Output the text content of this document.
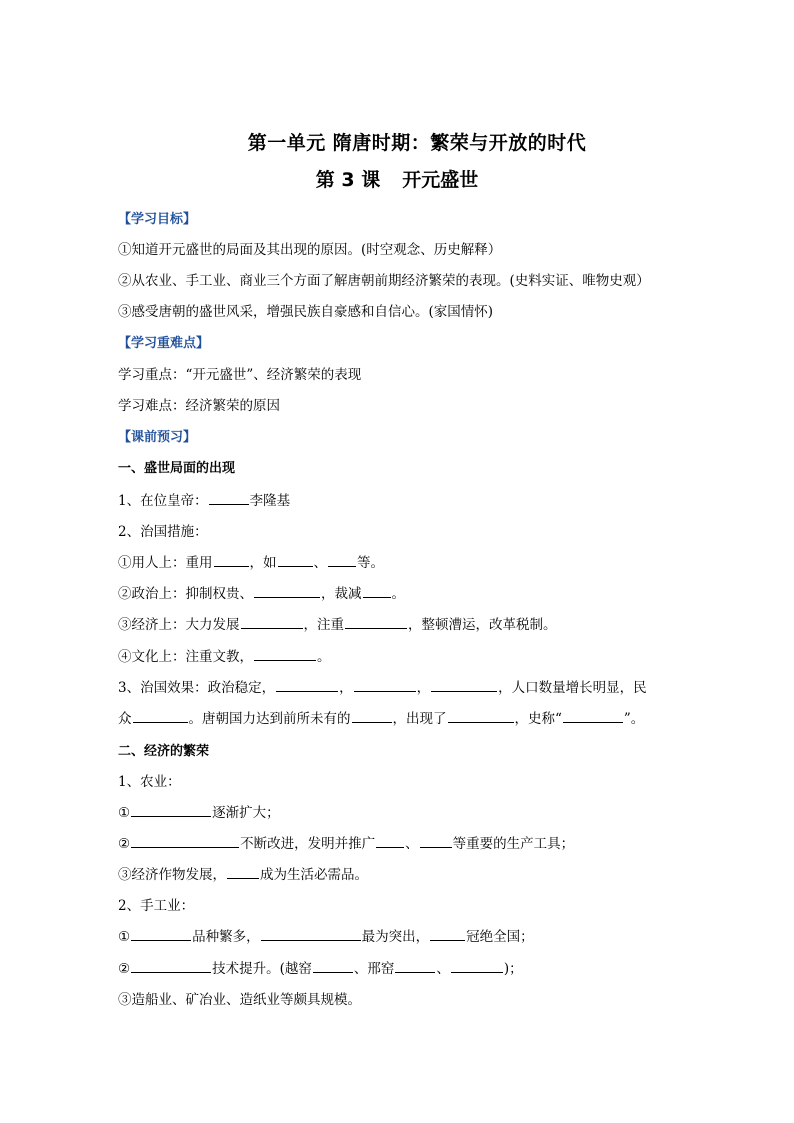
第一单元 隋唐时期：繁荣与开放的时代
第 3 课 开元盛世
【学习目标】
①知道开元盛世的局面及其出现的原因。(时空观念、历史解释）
②从农业、手工业、商业三个方面了解唐朝前期经济繁荣的表现。(史料实证、唯物史观）
③感受唐朝的盛世风采，增强民族自豪感和自信心。(家国情怀)
【学习重难点】
学习重点：“开元盛世”、经济繁荣的表现
学习难点：经济繁荣的原因
【课前预习】
一、盛世局面的出现
1、在位皇帝：	李隆基
2、治国措施：
①用人上：重用	，如	、 等。
②政治上：抑制权贵、	，裁减 。
③经济上：大力发展	，注重	，整顿漕运，改革税制。
④文化上：注重文教，	。
3、治国效果：政治稳定，	，	，	，人口数量增长明显，民
众	。唐朝国力达到前所未有的	，出现了	，史称“	”。
二、经济的繁荣
1、农业：
①	逐渐扩大；
②	不断改进，发明并推广 、	等重要的生产工具；
③经济作物发展，	成为生活必需品。
2、手工业：
①	品种繁多，	最为突出，	冠绝全国；
②	技术提升。(越窑	、邢窑	、	)；
③造船业、矿冶业、造纸业等颇具规模。
